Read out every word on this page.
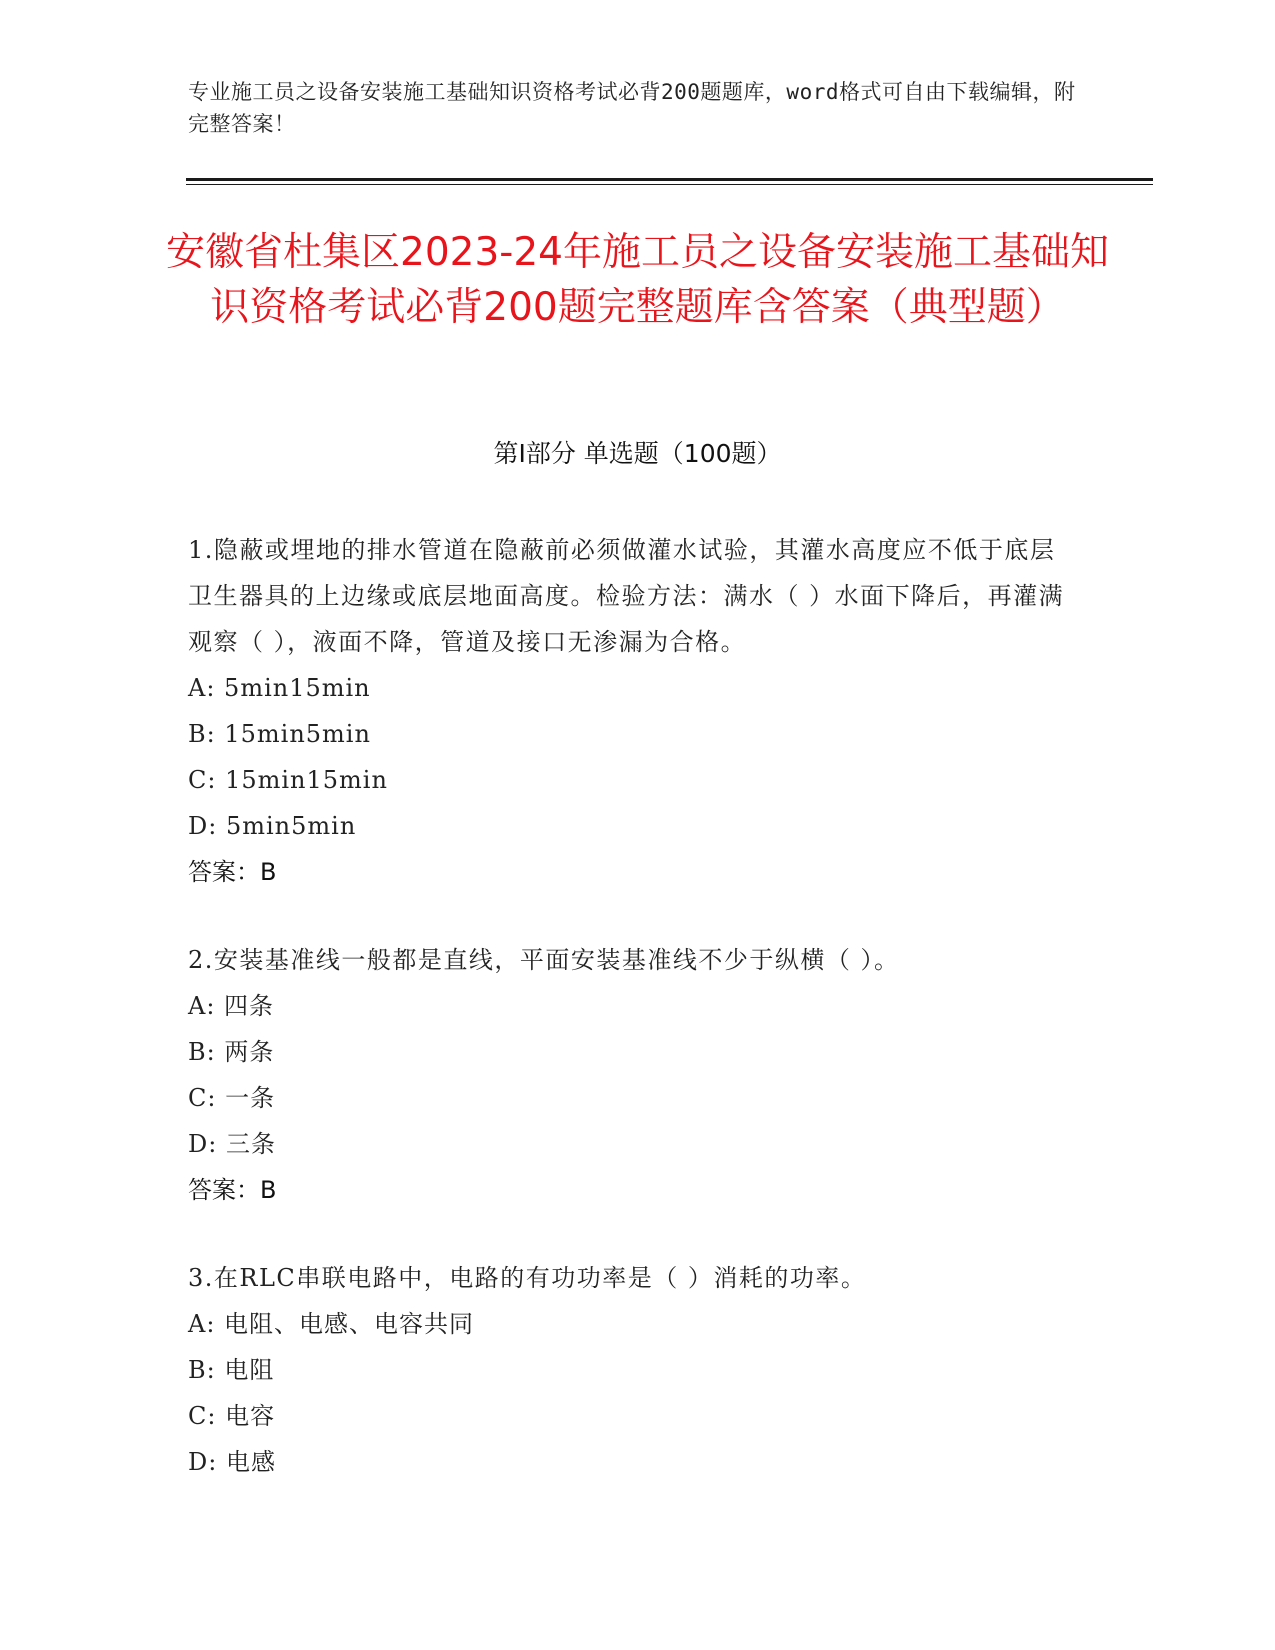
专业施工员之设备安装施工基础知识资格考试必背200题题库，word格式可自由下载编辑，附完整答案！
安徽省杜集区2023-24年施工员之设备安装施工基础知识资格考试必背200题完整题库含答案（典型题）
第Ⅰ部分 单选题（100题）

1.隐蔽或埋地的排水管道在隐蔽前必须做灌水试验，其灌水高度应不低于底层卫生器具的上边缘或底层地面高度。检验方法：满水（ ）水面下降后，再灌满观察（ ），液面不降，管道及接口无渗漏为合格。

A: 5min15min
B: 15min5min
C: 15min15min
D: 5min5min
答案：B

2.安装基准线一般都是直线，平面安装基准线不少于纵横（ ）。

A: 四条
B: 两条
C: 一条
D: 三条
答案：B

3.在RLC串联电路中，电路的有功功率是（ ）消耗的功率。

A: 电阻、电感、电容共同
B: 电阻
C: 电容
D: 电感
